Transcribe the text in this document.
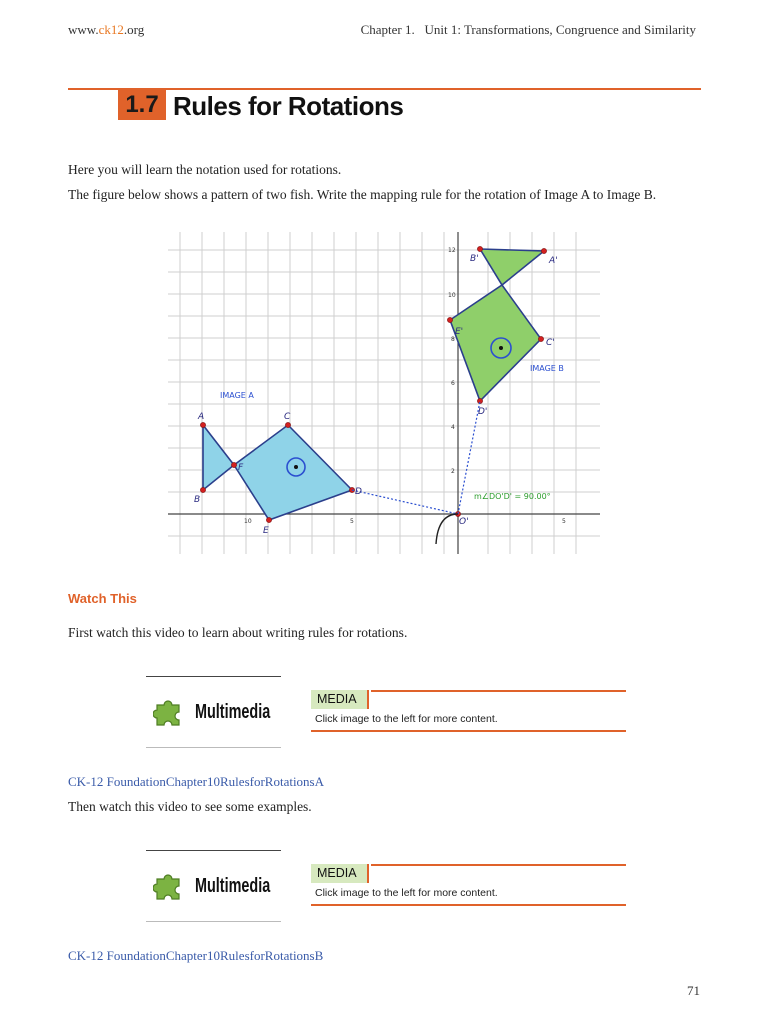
www.ck12.org	Chapter 1.   Unit 1: Transformations, Congruence and Similarity
1.7 Rules for Rotations
Here you will learn the notation used for rotations.
The figure below shows a pattern of two fish. Write the mapping rule for the rotation of Image A to Image B.
12
10
8
6
4
2
10	5	5
A
B
C
D
E
F
A'
B'
C'
D'
E'
O'
IMAGE A
IMAGE B
m∠DO'D' = 90.00°
Watch This
First watch this video to learn about writing rules for rotations.
Multimedia
MEDIA
Click image to the left for more content.
CK-12 FoundationChapter10RulesforRotationsA
Then watch this video to see some examples.
Multimedia
MEDIA
Click image to the left for more content.
CK-12 FoundationChapter10RulesforRotationsB
71
